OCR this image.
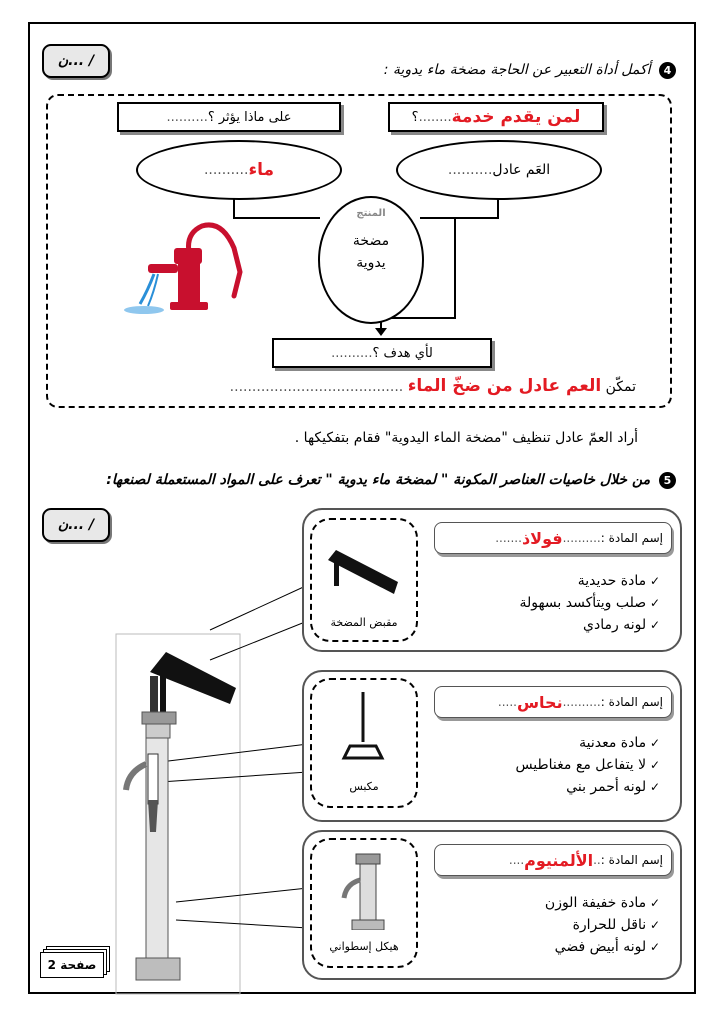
/ ...ن
4 أكمل أداة التعبير عن الحاجة مضخة ماء يدوية :
لمن يقدم خدمة
........
؟
على ماذا يؤثر ؟
..........
العَم عادل
..........
ماء
..........
المنتج
مضخة
يدوية
لأي هدف ؟
..........
تمكّن العم عادل من ضخّ الماء .......................................
أراد العمّ عادل تنظيف "مضخة الماء اليدوية" فقام بتفكيكها .
5 من خلال خاصيات العناصر المكونة " لمضخة ماء يدوية " تعرف على المواد المستعملة لصنعها:
/ ...ن
مقبض المضخة
إسم المادة :
..........
فولاذ
.......
✓ مادة حديدية
✓ صلب ويتأكسد بسهولة
✓ لونه رمادي
مكبس
إسم المادة :
..........
نحاس
.....
✓ مادة معدنية
✓ لا يتفاعل مع مغناطيس
✓ لونه أحمر بني
هيكل إسطواني
إسم المادة :
..
الألمنيوم
....
✓ مادة خفيفة الوزن
✓ ناقل للحرارة
✓ لونه أبيض فضي
صفحة 2
